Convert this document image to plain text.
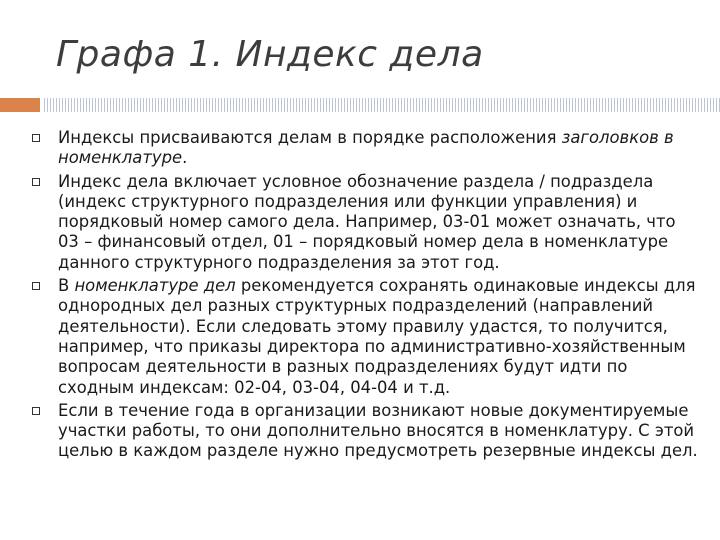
Графа 1. Индекс дела
Индексы присваиваются делам в порядке расположения заголовков в номенклатуре.
Индекс дела включает условное обозначение раздела / подраздела (индекс структурного подразделения или функции управления) и порядковый номер самого дела. Например, 03-01 может означать, что 03 – финансовый отдел, 01 – порядковый номер дела в номенклатуре данного структурного подразделения за этот год.
В номенклатуре дел рекомендуется сохранять одинаковые индексы для однородных дел разных структурных подразделений (направлений деятельности). Если следовать этому правилу удастся, то получится, например, что приказы директора по административно-хозяйственным вопросам деятельности в разных подразделениях будут идти по сходным индексам: 02-04, 03-04, 04-04 и т.д.
Если в течение года в организации возникают новые документируемые участки работы, то они дополнительно вносятся в номенклатуру. С этой целью в каждом разделе нужно предусмотреть резервные индексы дел.
